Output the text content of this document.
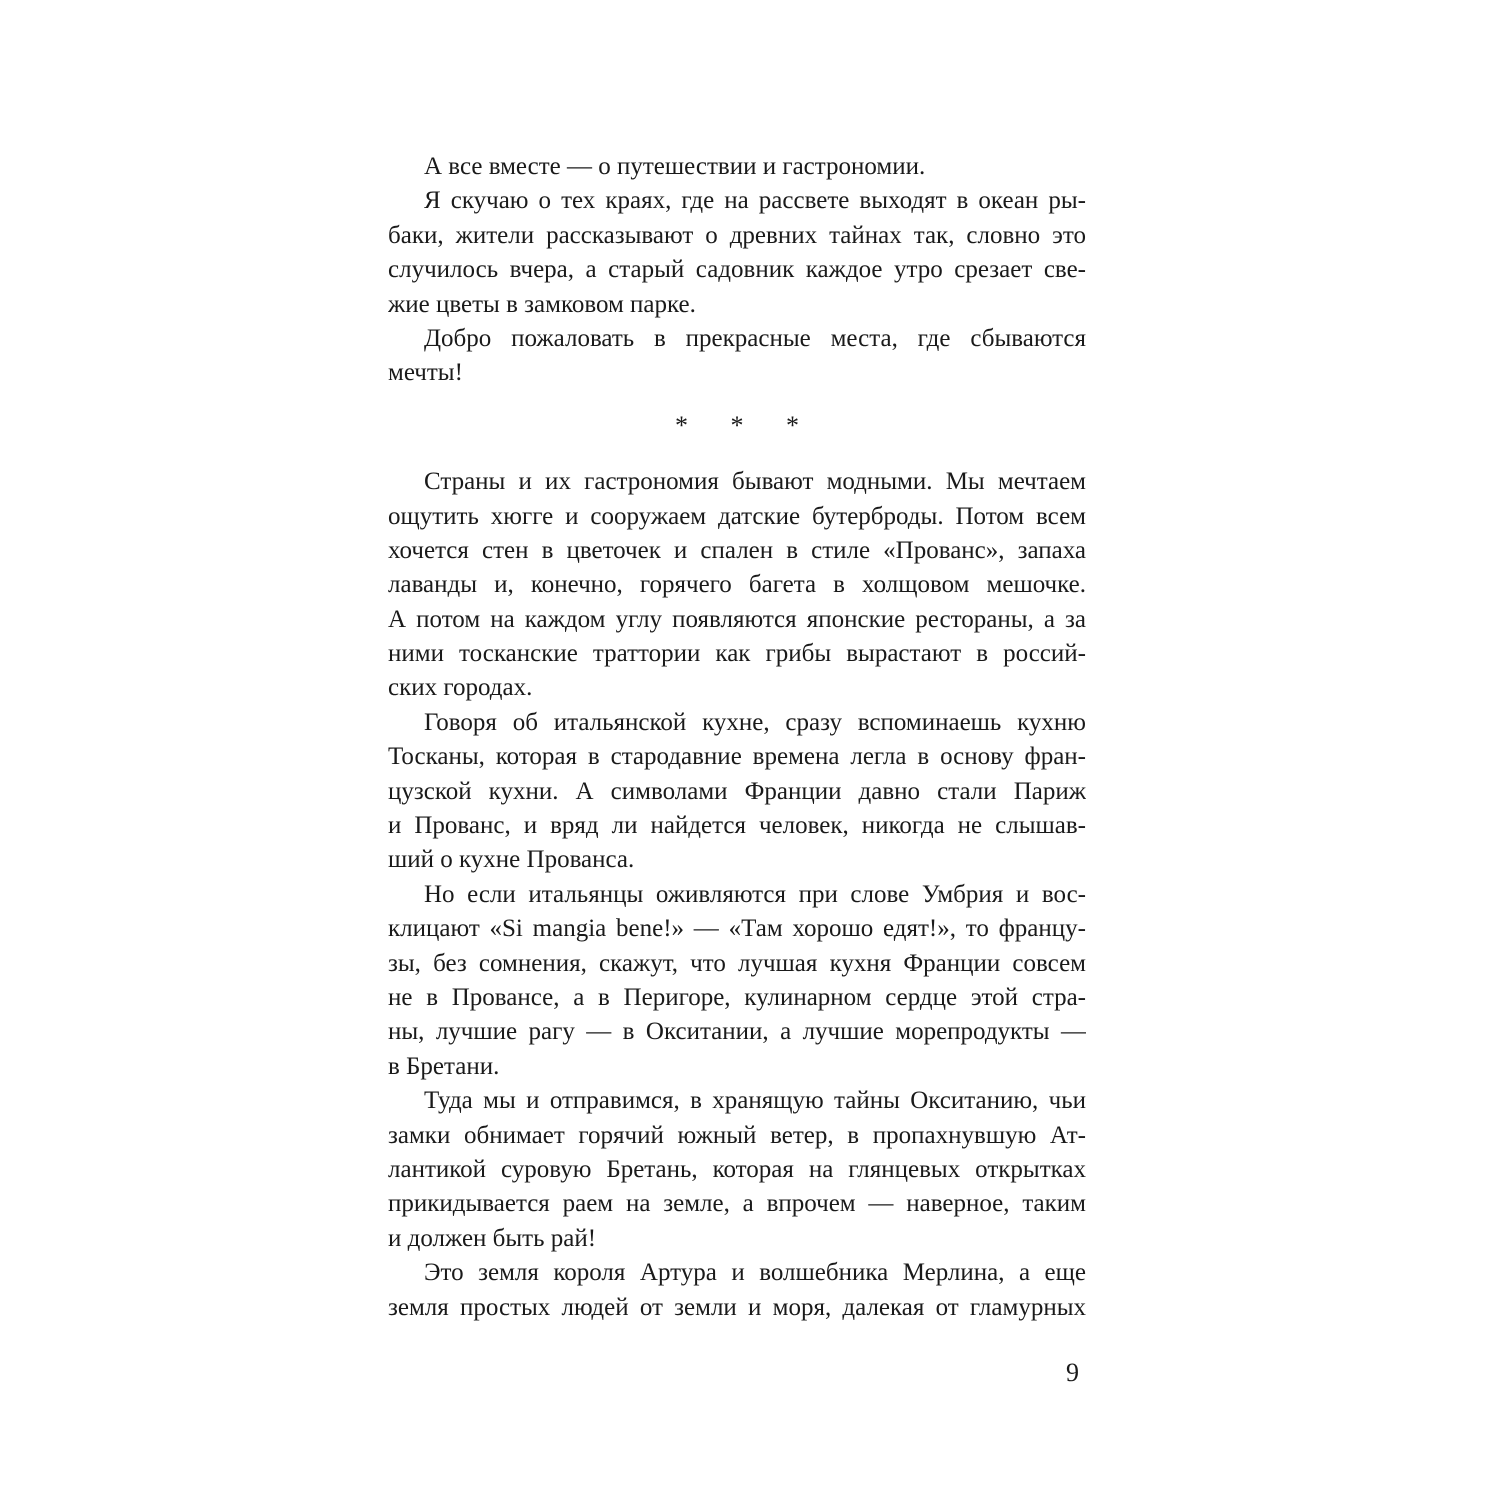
А все вместе — о путешествии и гастрономии.
Я скучаю о тех краях, где на рассвете выходят в океан ры-
баки, жители рассказывают о древних тайнах так, словно это
случилось вчера, а старый садовник каждое утро срезает све-
жие цветы в замковом парке.
Добро пожаловать в прекрасные места, где сбываются
мечты!
* * *
Страны и их гастрономия бывают модными. Мы мечтаем
ощутить хюгге и сооружаем датские бутерброды. Потом всем
хочется стен в цветочек и спален в стиле «Прованс», запаха
лаванды и, конечно, горячего багета в холщовом мешочке.
А потом на каждом углу появляются японские рестораны, а за
ними тосканские траттории как грибы вырастают в россий-
ских городах.
Говоря об итальянской кухне, сразу вспоминаешь кухню
Тосканы, которая в стародавние времена легла в основу фран-
цузской кухни. А символами Франции давно стали Париж
и Прованс, и вряд ли найдется человек, никогда не слышав-
ший о кухне Прованса.
Но если итальянцы оживляются при слове Умбрия и вос-
клицают «Si mangia bene!» — «Там хорошо едят!», то францу-
зы, без сомнения, скажут, что лучшая кухня Франции совсем
не в Провансе, а в Перигоре, кулинарном сердце этой стра-
ны, лучшие рагу — в Окситании, а лучшие морепродукты —
в Бретани.
Туда мы и отправимся, в хранящую тайны Окситанию, чьи
замки обнимает горячий южный ветер, в пропахнувшую Ат-
лантикой суровую Бретань, которая на глянцевых открытках
прикидывается раем на земле, а впрочем — наверное, таким
и должен быть рай!
Это земля короля Артура и волшебника Мерлина, а еще
земля простых людей от земли и моря, далекая от гламурных
9
